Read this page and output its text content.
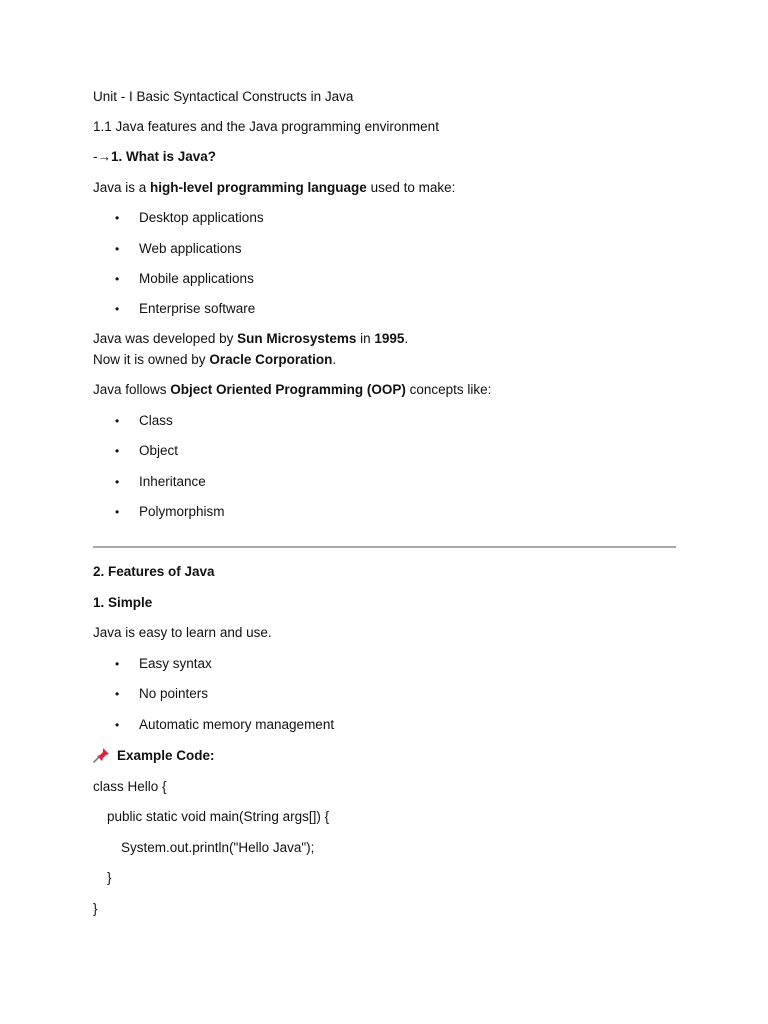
Unit - I Basic Syntactical Constructs in Java
1.1 Java features and the Java programming environment
-→1. What is Java?
Java is a high-level programming language used to make:
• Desktop applications
• Web applications
• Mobile applications
• Enterprise software
Java was developed by Sun Microsystems in 1995.
Now it is owned by Oracle Corporation.
Java follows Object Oriented Programming (OOP) concepts like:
• Class
• Object
• Inheritance
• Polymorphism
2. Features of Java
1. Simple
Java is easy to learn and use.
• Easy syntax
• No pointers
• Automatic memory management
Example Code:
class Hello {
public static void main(String args[]) {
System.out.println("Hello Java");
}
}
